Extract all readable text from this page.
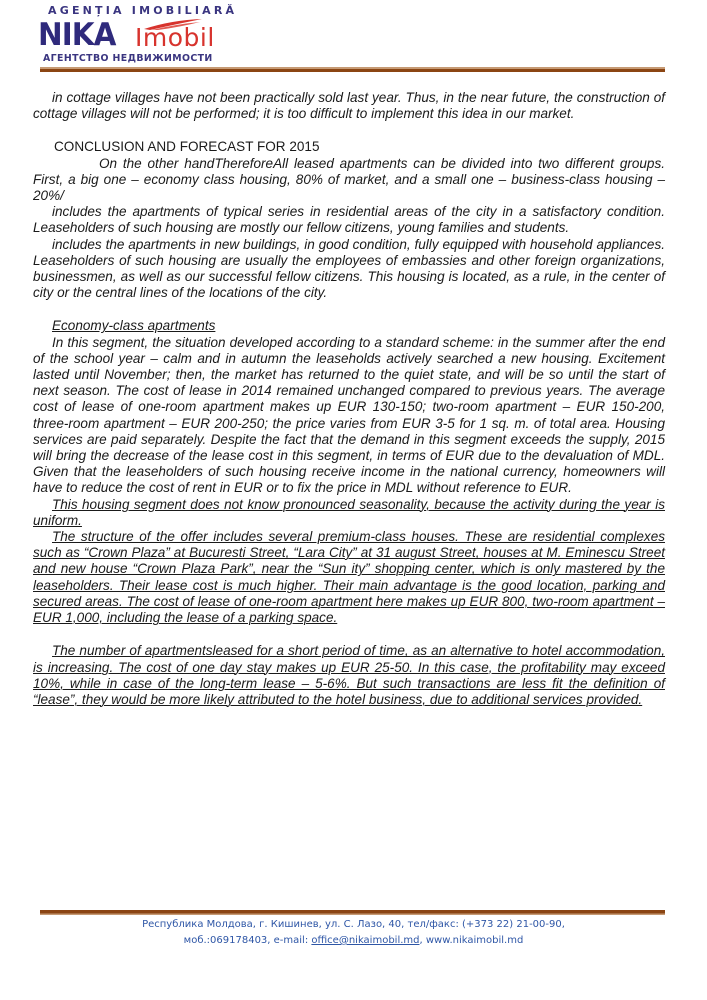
AGENȚIA IMOBILIARĂ
NIKA Imobil
АГЕНТСТВО НЕДВИЖИМОСТИ

in cottage villages have not been practically sold last year. Thus, in the near future, the construction of cottage villages will not be performed; it is too difficult to implement this idea in our market.

CONCLUSION AND FORECAST FOR 2015

On the other handThereforeAll leased apartments can be divided into two different groups. First, a big one – economy class housing, 80% of market, and a small one – business-class housing – 20%/

includes the apartments of typical series in residential areas of the city in a satisfactory condition. Leaseholders of such housing are mostly our fellow citizens, young families and students.

includes the apartments in new buildings, in good condition, fully equipped with household appliances. Leaseholders of such housing are usually the employees of embassies and other foreign organizations, businessmen, as well as our successful fellow citizens. This housing is located, as a rule, in the center of city or the central lines of the locations of the city.

Economy-class apartments

In this segment, the situation developed according to a standard scheme: in the summer after the end of the school year – calm and in autumn the leaseholds actively searched a new housing. Excitement lasted until November; then, the market has returned to the quiet state, and will be so until the start of next season. The cost of lease in 2014 remained unchanged compared to previous years. The average cost of lease of one-room apartment makes up EUR 130-150; two-room apartment – EUR 150-200, three-room apartment – EUR 200-250; the price varies from EUR 3-5 for 1 sq. m. of total area. Housing services are paid separately. Despite the fact that the demand in this segment exceeds the supply, 2015 will bring the decrease of the lease cost in this segment, in terms of EUR due to the devaluation of MDL. Given that the leaseholders of such housing receive income in the national currency, homeowners will have to reduce the cost of rent in EUR or to fix the price in MDL without reference to EUR.

This housing segment does not know pronounced seasonality, because the activity during the year is uniform.

The structure of the offer includes several premium-class houses. These are residential complexes such as “Crown Plaza” at Bucuresti Street, “Lara City” at 31 august Street, houses at M. Eminescu Street and new house “Crown Plaza Park”, near the “Sun ity” shopping center, which is only mastered by the leaseholders. Their lease cost is much higher. Their main advantage is the good location, parking and secured areas. The cost of lease of one-room apartment here makes up EUR 800, two-room apartment – EUR 1,000, including the lease of a parking space.

The number of apartmentsleased for a short period of time, as an alternative to hotel accommodation, is increasing. The cost of one day stay makes up EUR 25-50. In this case, the profitability may exceed 10%, while in case of the long-term lease – 5-6%. But such transactions are less fit the definition of “lease”, they would be more likely attributed to the hotel business, due to additional services provided.

Республика Молдова, г. Кишинев, ул. С. Лазо, 40, тел/факс: (+373 22) 21-00-90,
моб.:069178403, e-mail: office@nikaimobil.md, www.nikaimobil.md
